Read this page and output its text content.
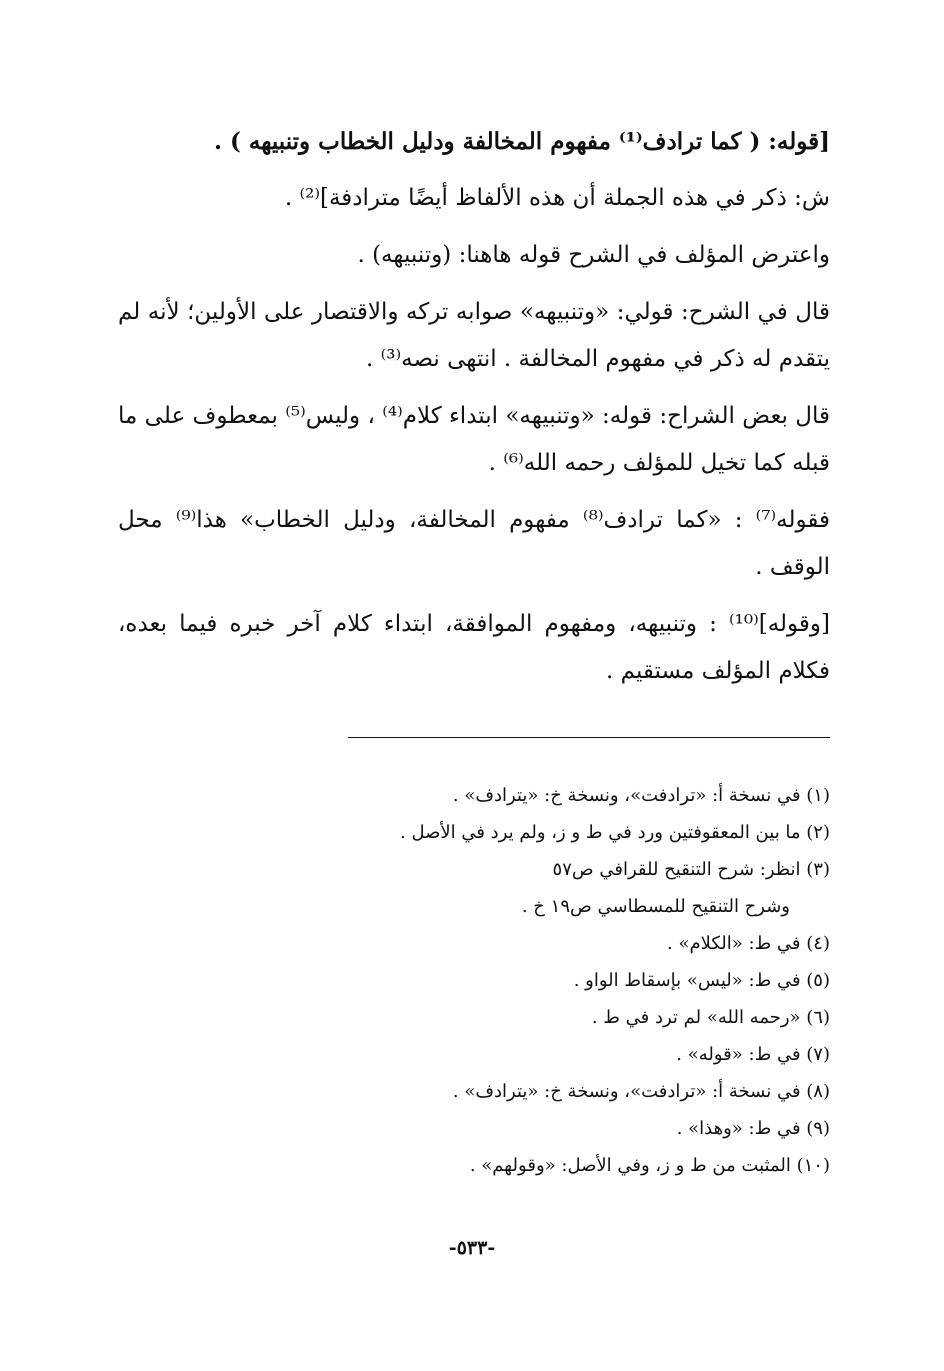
[قوله: ( كما ترادف⁽¹⁾ مفهوم المخالفة ودليل الخطاب وتنبيهه ) .

ش: ذكر في هذه الجملة أن هذه الألفاظ أيضًا مترادفة]⁽²⁾ .

واعترض المؤلف في الشرح قوله هاهنا: (وتنبيهه) .

قال في الشرح: قولي: «وتنبيهه» صوابه تركه والاقتصار على الأولين؛ لأنه لم يتقدم له ذكر في مفهوم المخالفة . انتهى نصه⁽³⁾ .

قال بعض الشراح: قوله: «وتنبيهه» ابتداء كلام⁽⁴⁾ ، وليس⁽⁵⁾ بمعطوف على ما قبله كما تخيل للمؤلف رحمه الله⁽⁶⁾ .

فقوله⁽⁷⁾ : «كما ترادف⁽⁸⁾ مفهوم المخالفة، ودليل الخطاب» هذا⁽⁹⁾ محل الوقف .

[وقوله]⁽¹⁰⁾ : وتنبيهه، ومفهوم الموافقة، ابتداء كلام آخر خبره فيما بعده، فكلام المؤلف مستقيم .

(١) في نسخة أ: «ترادفت»، ونسخة خ: «يترادف» .
(٢) ما بين المعقوفتين ورد في ط و ز، ولم يرد في الأصل .
(٣) انظر: شرح التنقيح للقرافي ص٥٧
وشرح التنقيح للمسطاسي ص١٩ خ .
(٤) في ط: «الكلام» .
(٥) في ط: «ليس» بإسقاط الواو .
(٦) «رحمه الله» لم ترد في ط .
(٧) في ط: «قوله» .
(٨) في نسخة أ: «ترادفت»، ونسخة خ: «يترادف» .
(٩) في ط: «وهذا» .
(١٠) المثبت من ط و ز، وفي الأصل: «وقولهم» .
-٥٣٣-
